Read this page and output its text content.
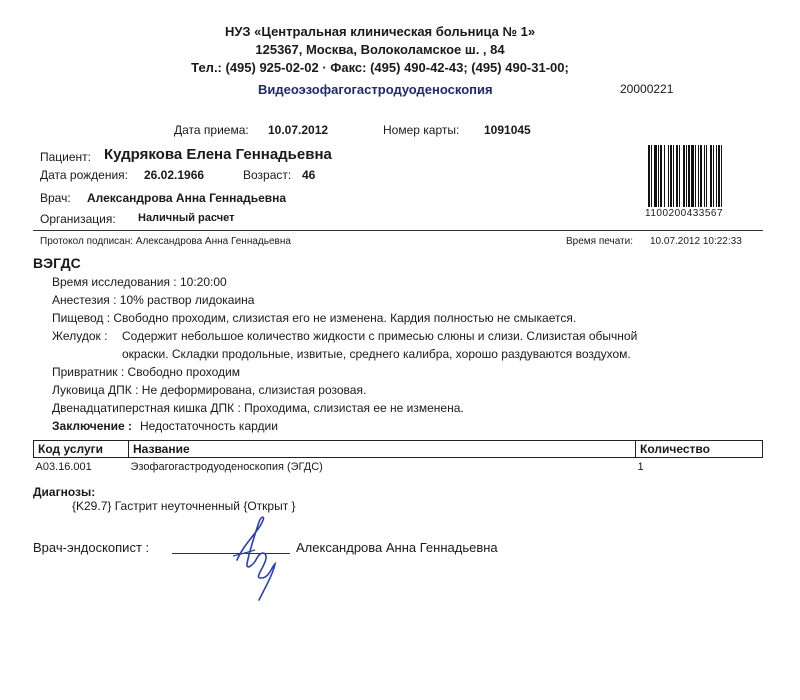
НУЗ «Центральная клиническая больница № 1»
125367, Москва, Волоколамское ш. , 84
Тел.: (495) 925-02-02 · Факс: (495) 490-42-43; (495) 490-31-00;
Видеоэзофагогастродуоденоскопия	20000221
Дата приема: 10.07.2012	Номер карты: 1091045
Пациент: Кудрякова Елена Геннадьевна
Дата рождения: 26.02.1966	Возраст: 46
Врач: Александрова Анна Геннадьевна
Организация: Наличный расчет	1100200433567
Протокол подписан: Александрова Анна Геннадьевна	Время печати: 10.07.2012 10:22:33
ВЭГДС
Время исследования : 10:20:00
Анестезия : 10% раствор лидокаина
Пищевод : Свободно проходим, слизистая его не изменена. Кардия полностью не смыкается.
Желудок : Содержит небольшое количество жидкости с примесью слюны и слизи. Слизистая обычной
окраски. Складки продольные, извитые, среднего калибра, хорошо раздуваются воздухом.
Привратник : Свободно проходим
Луковица ДПК : Не деформирована, слизистая розовая.
Двенадцатиперстная кишка ДПК : Проходима, слизистая ее не изменена.
Заключение : Недостаточность кардии
Код услуги	Название	Количество
A03.16.001	Эзофагогастродуоденоскопия (ЭГДС)	1
Диагнозы:
{K29.7} Гастрит неуточненный {Открыт }
Врач-эндоскопист :	Александрова Анна Геннадьевна
